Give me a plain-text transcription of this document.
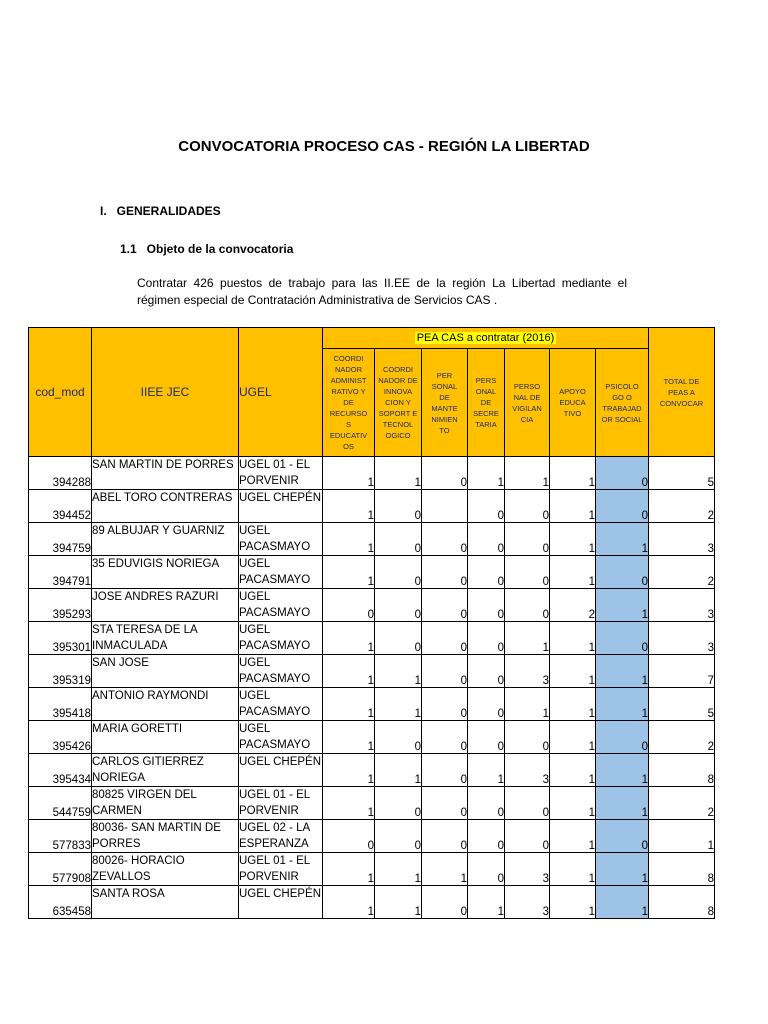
CONVOCATORIA PROCESO CAS - REGIÓN LA LIBERTAD
I.   GENERALIDADES
1.1   Objeto de la convocatoria
Contratar 426 puestos de trabajo para las II.EE de la región La Libertad mediante el régimen especial de Contratación Administrativa de Servicios CAS .
cod_mod	IIEE JEC	UGEL	PEA CAS a contratar (2016)							TOTAL DE PEAS A CONVOCAR
			COORDI NADOR ADMINIST RATIVO Y DE RECURSO S EDUCATIV OS	COORDI NADOR DE INNOVA CION Y SOPORT E TECNOL OGICO	PER SONAL DE MANTE NIMIEN TO	PERS ONAL DE SECRE TARIA	PERSO NAL DE VIGILAN CIA	APOYO EDUCA TIVO	PSICOLO GO O TRABAJAD OR SOCIAL	
394288	SAN MARTIN DE PORRES	UGEL 01 - EL PORVENIR	1	1	0	1	1	1	0	5
394452	ABEL TORO CONTRERAS	UGEL CHEPÉN	1	0		0	0	1	0	2
394759	89 ALBUJAR Y GUARNIZ	UGEL PACASMAYO	1	0	0	0	0	1	1	3
394791	35 EDUVIGIS NORIEGA	UGEL PACASMAYO	1	0	0	0	0	1	0	2
395293	JOSE ANDRES RAZURI	UGEL PACASMAYO	0	0	0	0	0	2	1	3
395301	STA TERESA DE LA INMACULADA	UGEL PACASMAYO	1	0	0	0	1	1	0	3
395319	SAN JOSE	UGEL PACASMAYO	1	1	0	0	3	1	1	7
395418	ANTONIO RAYMONDI	UGEL PACASMAYO	1	1	0	0	1	1	1	5
395426	MARIA GORETTI	UGEL PACASMAYO	1	0	0	0	0	1	0	2
395434	CARLOS GITIERREZ NORIEGA	UGEL CHEPÉN	1	1	0	1	3	1	1	8
544759	80825 VIRGEN DEL CARMEN	UGEL 01 - EL PORVENIR	1	0	0	0	0	1	1	2
577833	80036- SAN MARTIN DE PORRES	UGEL 02 - LA ESPERANZA	0	0	0	0	0	1	0	1
577908	80026- HORACIO ZEVALLOS	UGEL 01 - EL PORVENIR	1	1	1	0	3	1	1	8
635458	SANTA ROSA	UGEL CHEPÉN	1	1	0	1	3	1	1	8
